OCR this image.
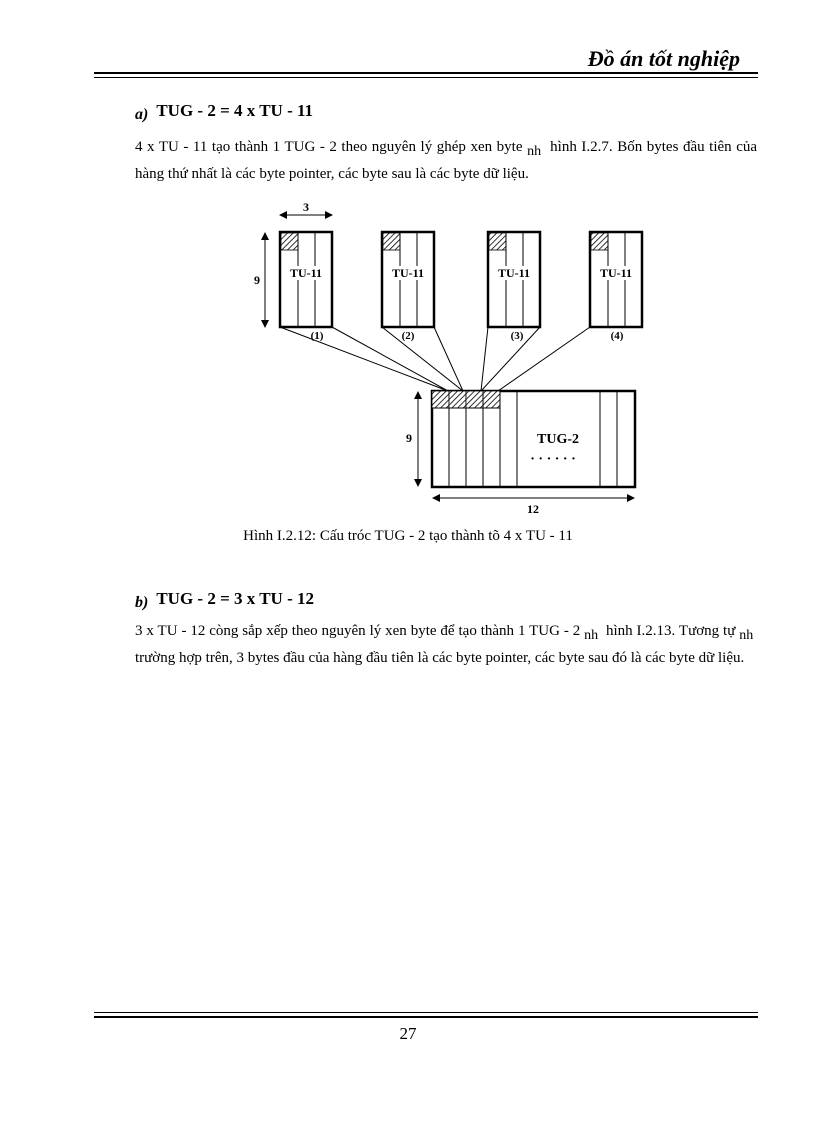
Đồ án tốt nghiệp
a) TUG - 2 = 4 x TU - 11
4 x TU - 11 tạo thành 1 TUG - 2 theo nguyên lý ghép xen byte nh hình I.2.7. Bốn bytes đầu tiên của hàng thứ nhất là các byte pointer, các byte sau là các byte dữ liệu.
3
9 TU-11
(1)
TU-11
(2)
TU-11
(3)
TU-11
(4)
TUG-2
· · · · · ·
9
12
Hình I.2.12: Cấu tróc TUG - 2 tạo thành tõ 4 x TU - 11
b) TUG - 2 = 3 x TU - 12
3 x TU - 12 còng sắp xếp theo nguyên lý xen byte để tạo thành 1 TUG - 2 nh hình I.2.13. Tương tự nh  trường hợp trên, 3 bytes đầu của hàng đầu tiên là các byte pointer, các byte sau đó là các byte dữ liệu.
27
